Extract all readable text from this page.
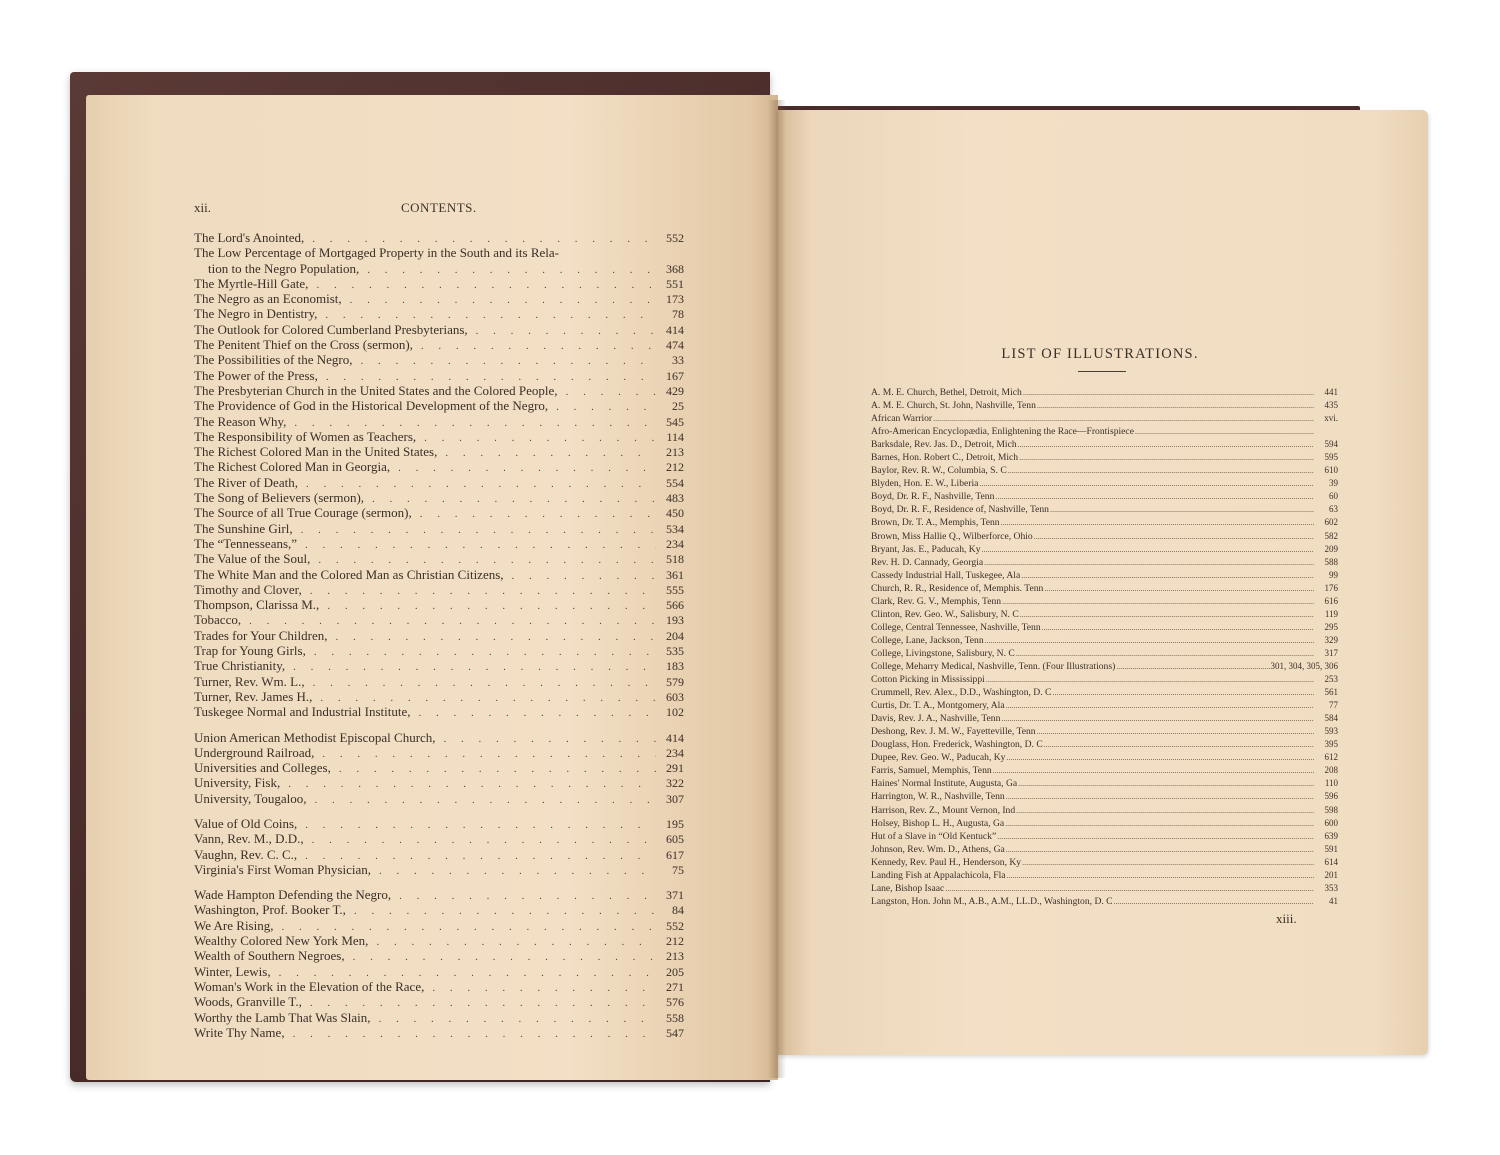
xii.	CONTENTS.
The Lord's Anointed, . . .	552
The Low Percentage of Mortgaged Property in the South and its Rela-
tion to the Negro Population, . . .	368
The Myrtle-Hill Gate, . . .	551
The Negro as an Economist, . . .	173
The Negro in Dentistry, . . .	78
The Outlook for Colored Cumberland Presbyterians, . . .	414
The Penitent Thief on the Cross (sermon), . . .	474
The Possibilities of the Negro, . . .	33
The Power of the Press, . . .	167
The Presbyterian Church in the United States and the Colored People, . . .	429
The Providence of God in the Historical Development of the Negro, . . .	25
The Reason Why, . . .	545
The Responsibility of Women as Teachers, . . .	114
The Richest Colored Man in the United States, . . .	213
The Richest Colored Man in Georgia, . . .	212
The River of Death, . . .	554
The Song of Believers (sermon), . . .	483
The Source of all True Courage (sermon), . . .	450
The Sunshine Girl, . . .	534
The “Tennesseans,” . . .	234
The Value of the Soul, . . .	518
The White Man and the Colored Man as Christian Citizens, . . .	361
Timothy and Clover, . . .	555
Thompson, Clarissa M., . . .	566
Tobacco, . . .	193
Trades for Your Children, . . .	204
Trap for Young Girls, . . .	535
True Christianity, . . .	183
Turner, Rev. Wm. L., . . .	579
Turner, Rev. James H., . . .	603
Tuskegee Normal and Industrial Institute, . . .	102
Union American Methodist Episcopal Church, . . .	414
Underground Railroad, . . .	234
Universities and Colleges, . . .	291
University, Fisk, . . .	322
University, Tougaloo, . . .	307
Value of Old Coins, . . .	195
Vann, Rev. M., D.D., . . .	605
Vaughn, Rev. C. C., . . .	617
Virginia's First Woman Physician, . . .	75
Wade Hampton Defending the Negro, . . .	371
Washington, Prof. Booker T., . . .	84
We Are Rising, . . .	552
Wealthy Colored New York Men, . . .	212
Wealth of Southern Negroes, . . .	213
Winter, Lewis, . . .	205
Woman's Work in the Elevation of the Race, . . .	271
Woods, Granville T., . . .	576
Worthy the Lamb That Was Slain, . . .	558
Write Thy Name, . . .	547
LIST OF ILLUSTRATIONS.
A. M. E. Church, Bethel, Detroit, Mich .....	441
A. M. E. Church, St. John, Nashville, Tenn .....	435
African Warrior .....	xvi.
Afro-American Encyclopædia, Enlightening the Race—Frontispiece
.....
Barksdale, Rev. Jas. D., Detroit, Mich .....	594
Barnes, Hon. Robert C., Detroit, Mich .....	595
Baylor, Rev. R. W., Columbia, S. C .....	610
Blyden, Hon. E. W., Liberia .....	39
Boyd, Dr. R. F., Nashville, Tenn .....	60
Boyd, Dr. R. F., Residence of, Nashville, Tenn .....	63
Brown, Dr. T. A., Memphis, Tenn .....	602
Brown, Miss Hallie Q., Wilberforce, Ohio .....	582
Bryant, Jas. E., Paducah, Ky .....	209
Rev. H. D. Cannady, Georgia .....	588
Cassedy Industrial Hall, Tuskegee, Ala .....	99
Church, R. R., Residence of, Memphis. Tenn .....	176
Clark, Rev. G. V., Memphis, Tenn .....	616
Clinton, Rev. Geo. W., Salisbury, N. C .....	119
College, Central Tennessee, Nashville, Tenn .....	295
College, Lane, Jackson, Tenn .....	329
College, Livingstone, Salisbury, N. C .....	317
College, Meharry Medical, Nashville, Tenn. (Four Illustrations) .....	301, 304, 305, 306
Cotton Picking in Mississippi .....	253
Crummell, Rev. Alex., D.D., Washington, D. C .....	561
Curtis, Dr. T. A., Montgomery, Ala .....	77
Davis, Rev. J. A., Nashville, Tenn .....	584
Deshong, Rev. J. M. W., Fayetteville, Tenn .....	593
Douglass, Hon. Frederick, Washington, D. C .....	395
Dupee, Rev. Geo. W., Paducah, Ky .....	612
Farris, Samuel, Memphis, Tenn .....	208
Haines' Normal Institute, Augusta, Ga .....	110
Harrington, W. R., Nashville, Tenn .....	596
Harrison, Rev. Z., Mount Vernon, Ind .....	598
Holsey, Bishop L. H., Augusta, Ga .....	600
Hut of a Slave in “Old Kentuck” .....	639
Johnson, Rev. Wm. D., Athens, Ga .....	591
Kennedy, Rev. Paul H., Henderson, Ky .....	614
Landing Fish at Appalachicola, Fla .....	201
Lane, Bishop Isaac .....	353
Langston, Hon. John M., A.B., A.M., LL.D., Washington, D. C .....	41
xiii.
